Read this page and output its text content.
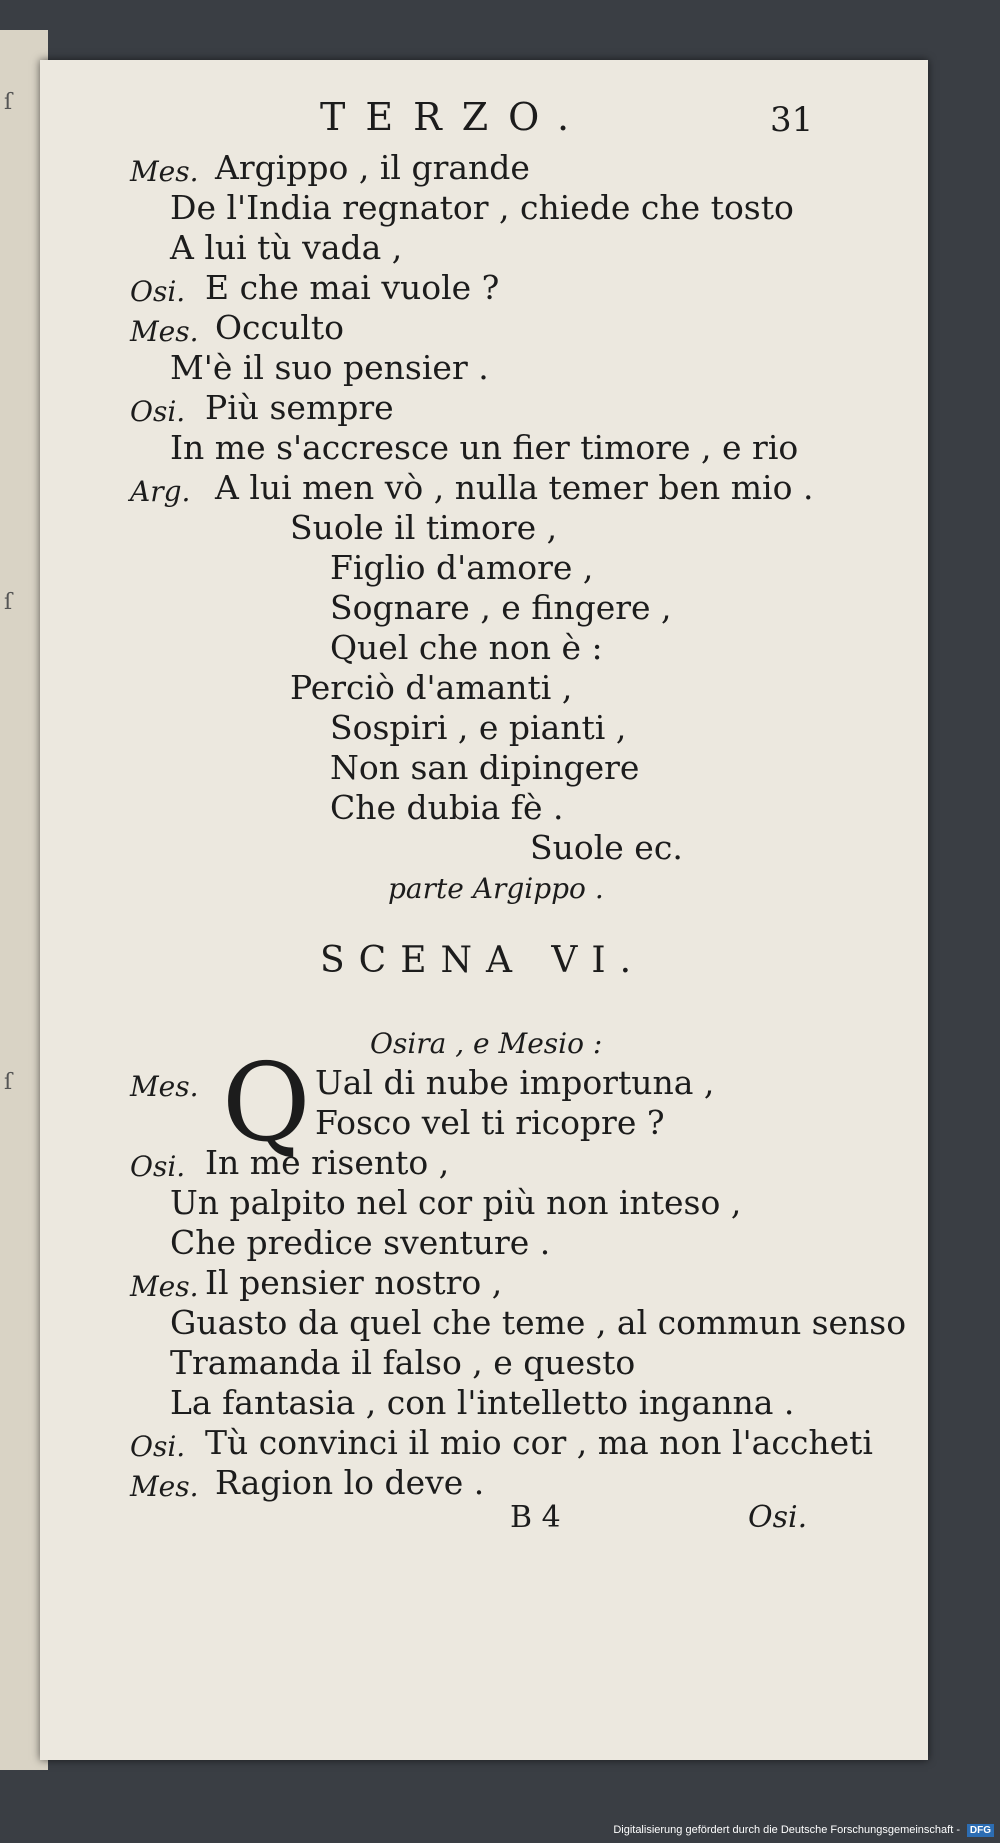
ſ
ſ
ſ
TERZO.	31
Mes. Argippo , il grande
De l'India regnator , chiede che tosto
A lui tù vada ,
Osi. E che mai vuole ?
Mes. Occulto
M'è il suo pensier .
Osi. Più sempre
In me s'accresce un fier timore , e rio
Arg. A lui men vò , nulla temer ben mio .
Suole il timore ,
Figlio d'amore ,
Sognare , e fingere ,
Quel che non è :
Perciò d'amanti ,
Sospiri , e pianti ,
Non san dipingere
Che dubia fè .
Suole ec.
parte Argippo .
SCENA VI.
Osira , e Mesio :
Q
Mes.	Ual di nube importuna ,
Fosco vel ti ricopre ?
Osi. In me risento ,
Un palpito nel cor più non inteso ,
Che predice sventure .
Mes. Il pensier nostro ,
Guasto da quel che teme , al commun senso
Tramanda il falso , e questo
La fantasia , con l'intelletto inganna .
Osi. Tù convinci il mio cor , ma non l'accheti
Mes. Ragion lo deve .
B 4	Osi.
Digitalisierung gefördert durch die Deutsche Forschungsgemeinschaft - DFG
